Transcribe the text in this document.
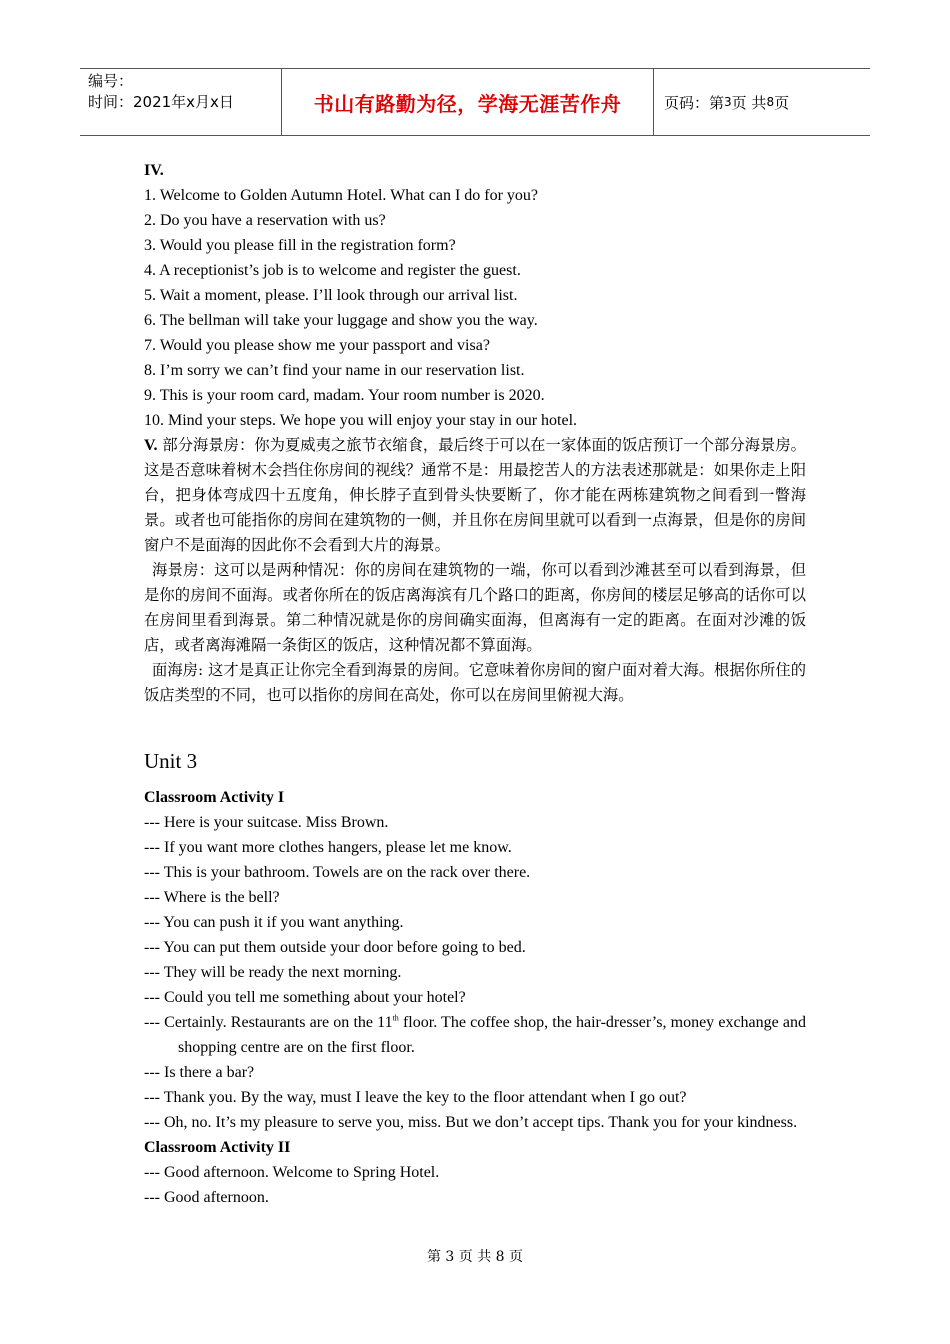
编号：
时间：2021年x月x日	书山有路勤为径，学海无涯苦作舟	页码：第 3 页 共 8 页

IV.

1. Welcome to Golden Autumn Hotel. What can I do for you?

2. Do you have a reservation with us?

3. Would you please fill in the registration form?

4. A receptionist’s job is to welcome and register the guest.

5. Wait a moment, please. I’ll look through our arrival list.

6. The bellman will take your luggage and show you the way.

7. Would you please show me your passport and visa?

8. I’m sorry we can’t find your name in our reservation list.

9. This is your room card, madam. Your room number is 2020.

10. Mind your steps. We hope you will enjoy your stay in our hotel.

V. 部分海景房：你为夏威夷之旅节衣缩食，最后终于可以在一家体面的饭店预订一个部分海景房。这是否意味着树木会挡住你房间的视线？通常不是：用最挖苦人的方法表述那就是：如果你走上阳台，把身体弯成四十五度角，伸长脖子直到骨头快要断了，你才能在两栋建筑物之间看到一瞥海景。或者也可能指你的房间在建筑物的一侧，并且你在房间里就可以看到一点海景，但是你的房间窗户不是面海的因此你不会看到大片的海景。

海景房：这可以是两种情况：你的房间在建筑物的一端，你可以看到沙滩甚至可以看到海景，但是你的房间不面海。或者你所在的饭店离海滨有几个路口的距离，你房间的楼层足够高的话你可以在房间里看到海景。第二种情况就是你的房间确实面海，但离海有一定的距离。在面对沙滩的饭店，或者离海滩隔一条街区的饭店，这种情况都不算面海。

面海房: 这才是真正让你完全看到海景的房间。它意味着你房间的窗户面对着大海。根据你所住的饭店类型的不同，也可以指你的房间在高处，你可以在房间里俯视大海。

Unit 3

Classroom Activity I

--- Here is your suitcase. Miss Brown.

--- If you want more clothes hangers, please let me know.

--- This is your bathroom. Towels are on the rack over there.

--- Where is the bell?

--- You can push it if you want anything.

--- You can put them outside your door before going to bed.

--- They will be ready the next morning.

--- Could you tell me something about your hotel?

--- Certainly. Restaurants are on the 11th floor. The coffee shop, the hair-dresser’s, money exchange and shopping centre are on the first floor.

--- Is there a bar?

--- Thank you. By the way, must I leave the key to the floor attendant when I go out?

--- Oh, no. It’s my pleasure to serve you, miss. But we don’t accept tips. Thank you for your kindness.

Classroom Activity II

--- Good afternoon. Welcome to Spring Hotel.

--- Good afternoon.

第 3 页 共 8 页
